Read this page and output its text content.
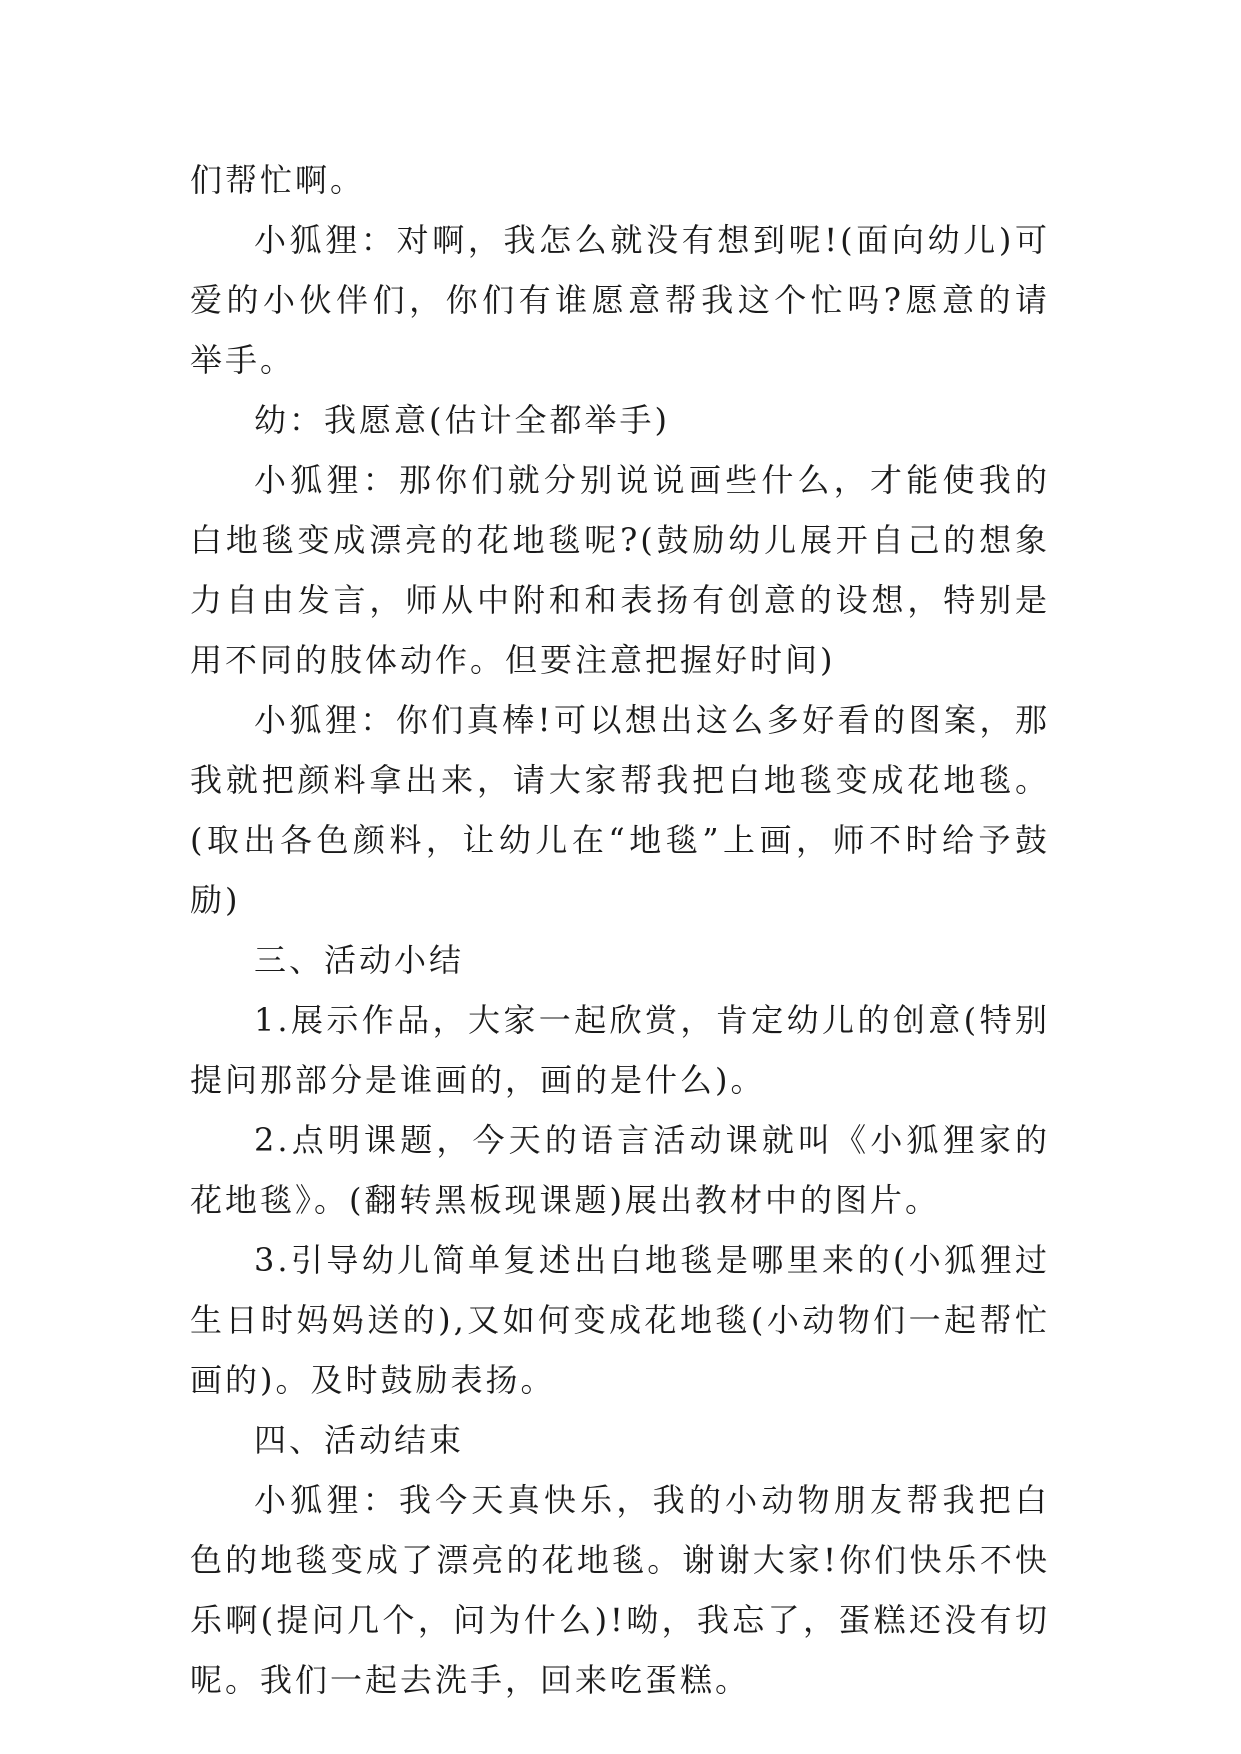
们帮忙啊。

小狐狸：对啊，我怎么就没有想到呢!(面向幼儿)可爱的小伙伴们，你们有谁愿意帮我这个忙吗?愿意的请举手。

幼：我愿意(估计全都举手)

小狐狸：那你们就分别说说画些什么，才能使我的白地毯变成漂亮的花地毯呢?(鼓励幼儿展开自己的想象力自由发言，师从中附和和表扬有创意的设想，特别是用不同的肢体动作。但要注意把握好时间)

小狐狸：你们真棒!可以想出这么多好看的图案，那我就把颜料拿出来，请大家帮我把白地毯变成花地毯。(取出各色颜料，让幼儿在“地毯”上画，师不时给予鼓励)

三、活动小结

1.展示作品，大家一起欣赏，肯定幼儿的创意(特别提问那部分是谁画的，画的是什么)。

2.点明课题，今天的语言活动课就叫《小狐狸家的花地毯》。(翻转黑板现课题)展出教材中的图片。

3.引导幼儿简单复述出白地毯是哪里来的(小狐狸过生日时妈妈送的),又如何变成花地毯(小动物们一起帮忙画的)。及时鼓励表扬。

四、活动结束

小狐狸：我今天真快乐，我的小动物朋友帮我把白色的地毯变成了漂亮的花地毯。谢谢大家!你们快乐不快乐啊(提问几个，问为什么)!呦，我忘了，蛋糕还没有切呢。我们一起去洗手，回来吃蛋糕。
